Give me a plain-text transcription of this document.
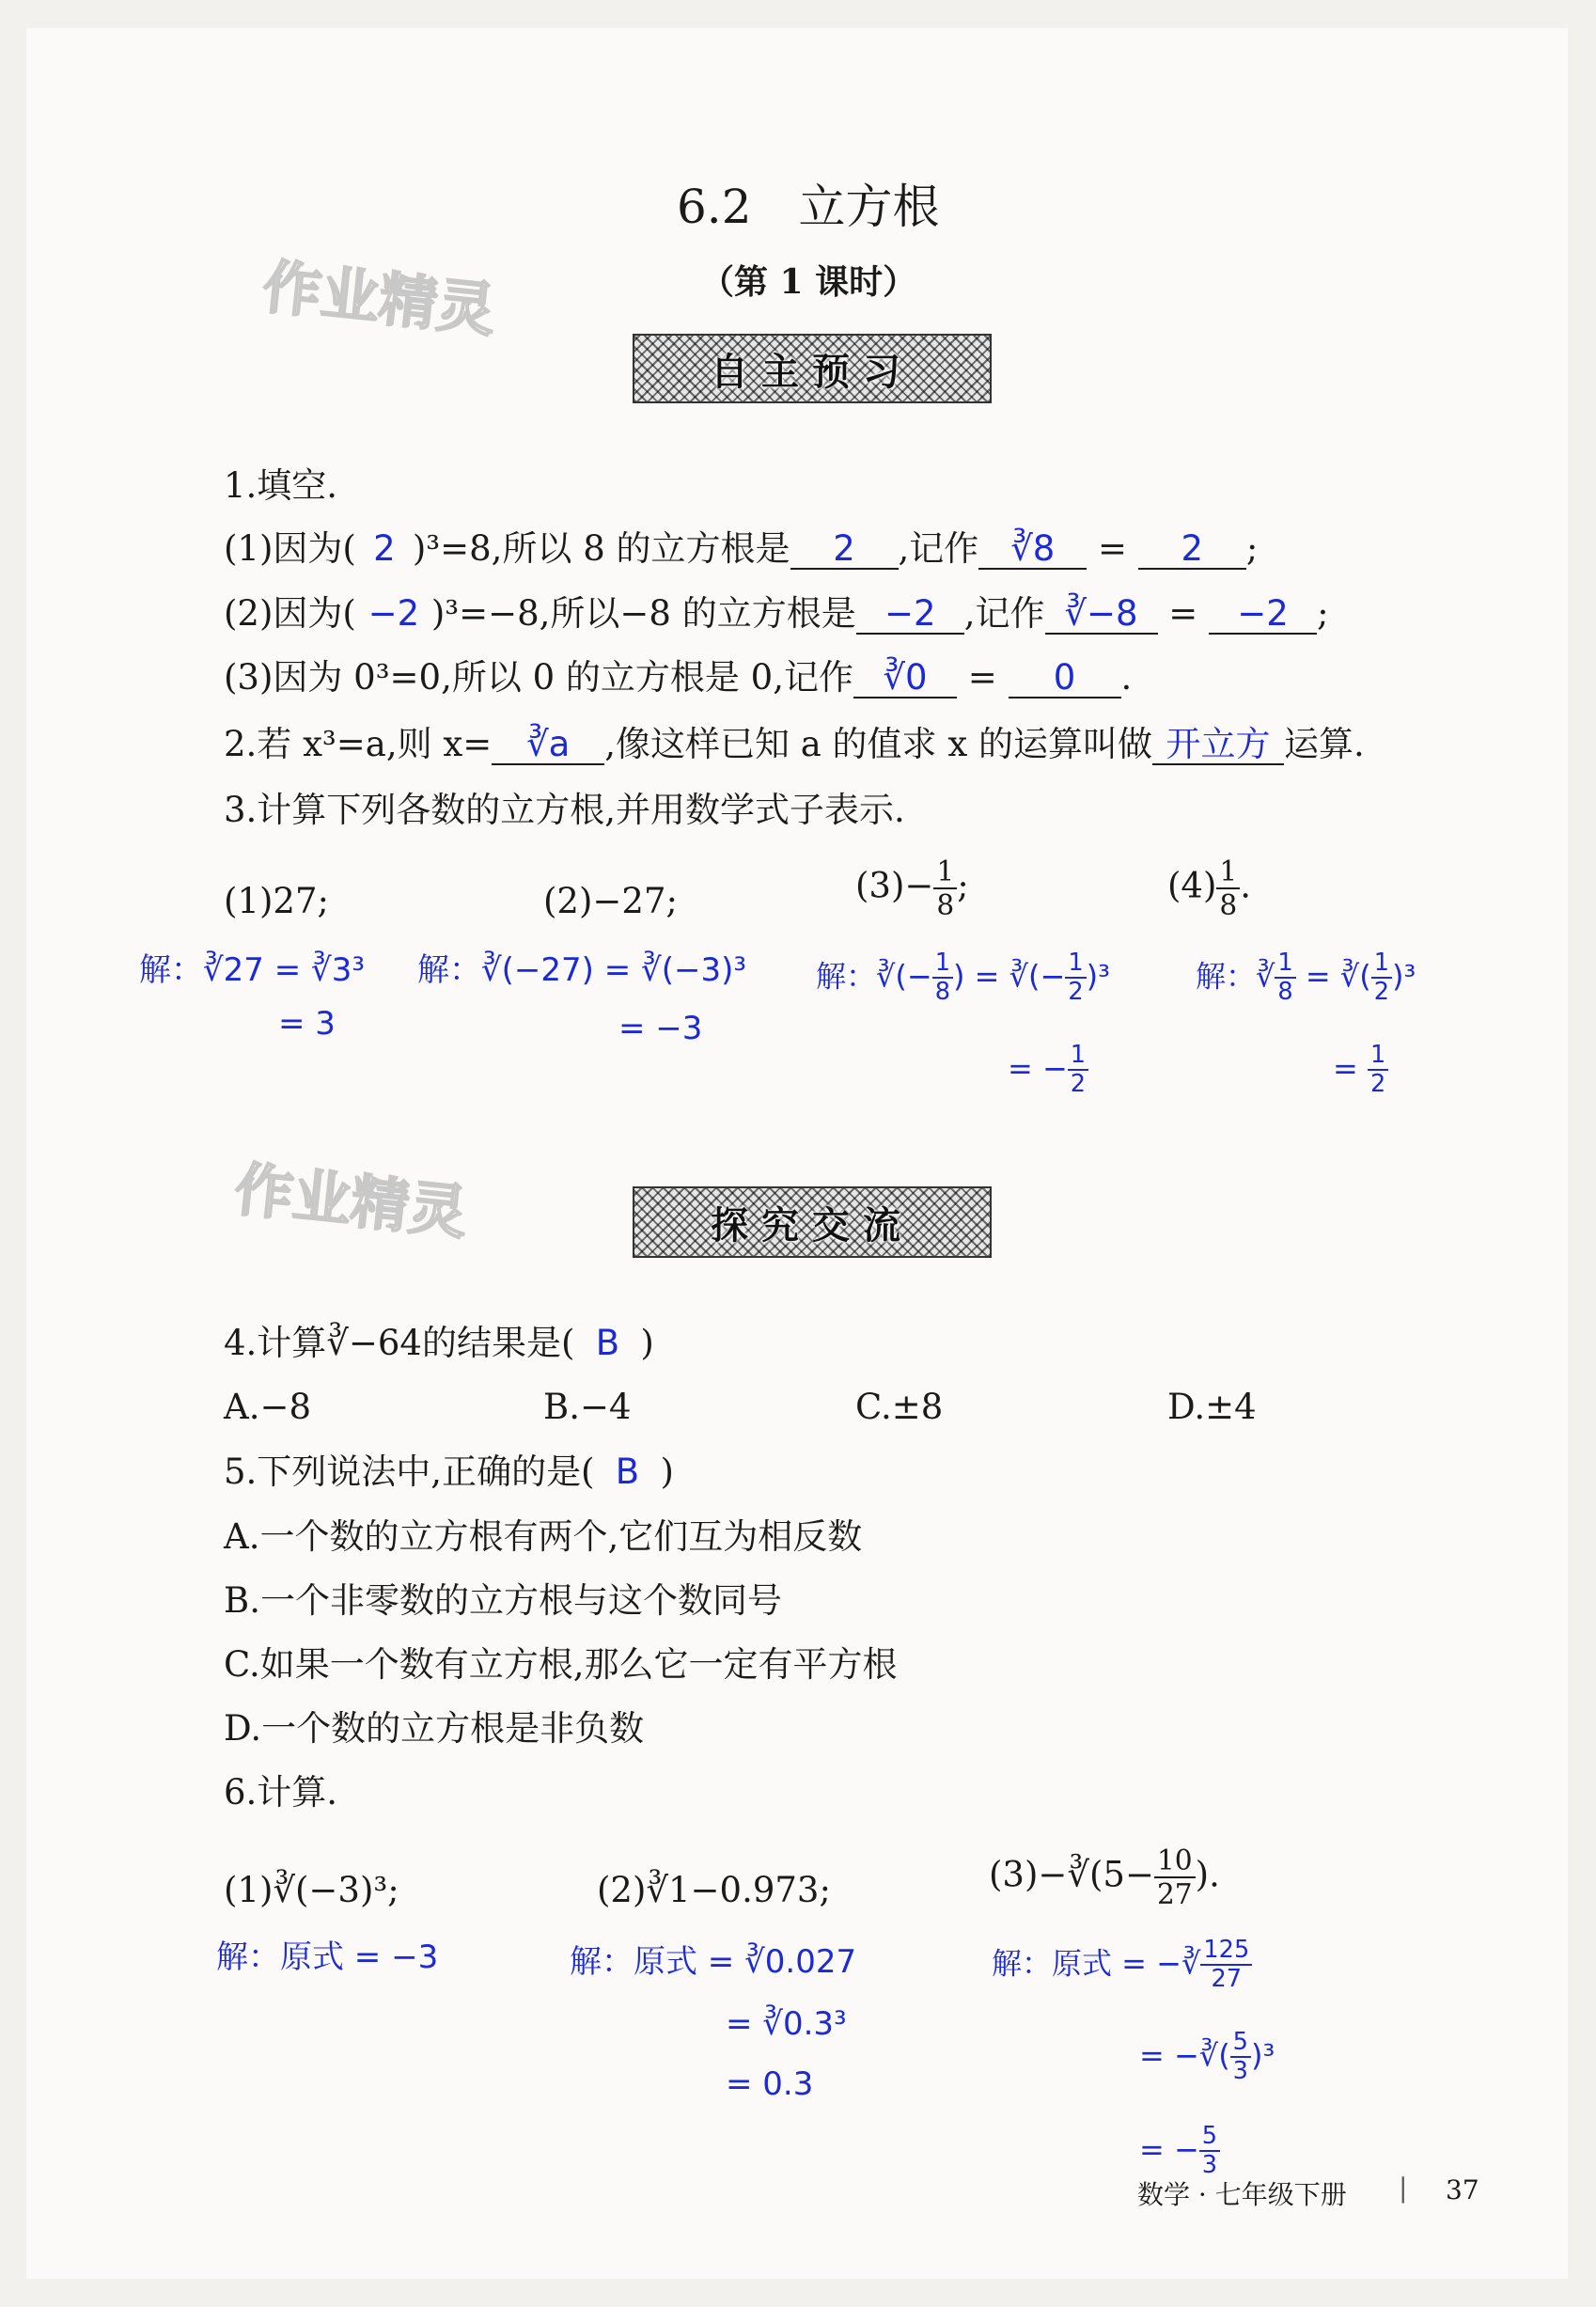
6.2　立方根
（第 1 课时）
作业精灵
作业精灵
自主预习
探究交流
1.填空.
(1)因为( 2 )³=8,所以 8 的立方根是 2 ,记作 ∛8 = 2 ;
(2)因为( −2 )³=−8,所以−8 的立方根是 −2 ,记作 ∛−8 = −2 ;
(3)因为 0³=0,所以 0 的立方根是 0,记作 ∛0 = 0 .
2.若 x³=a,则 x= ∛a ,像这样已知 a 的值求 x 的运算叫做 开立方 运算.
3.计算下列各数的立方根,并用数学式子表示.
(1)27;	(2)−27;	$(3)- \frac{1}{8}$ ;	$(4) \frac{1}{8}$ .
解：∛27 = ∛3³
= 3
解：∛(−27) = ∛(−3)³
= −3
解：∛(− $\frac{1}{8}$ ) = ∛(− $\frac{1}{2} )^3$
= − $\frac{1}{2}$
解：∛ $\frac{1}{8}$ = ∛( $\frac{1}{2} )^3$
= $\frac{1}{2}$
4.计算∛−64的结果是( B )
A.−8	B.−4	C.±8	D.±4
5.下列说法中,正确的是( B )
A.一个数的立方根有两个,它们互为相反数
B.一个非零数的立方根与这个数同号
C.如果一个数有立方根,那么它一定有平方根
D.一个数的立方根是非负数
6.计算.
(1)∛(−3)³;	(2)∛1−0.973;	(3)−∛(5− $\frac{10}{27}$ ).
解：原式 = −3	解：原式 = ∛0.027
= ∛0.3³
= 0.3
解：原式 = −∛ $\frac{125}{27}$
= −∛( $\frac{5}{3} )^3$
= − $\frac{5}{3}$
数学 · 七年级下册 | 37
